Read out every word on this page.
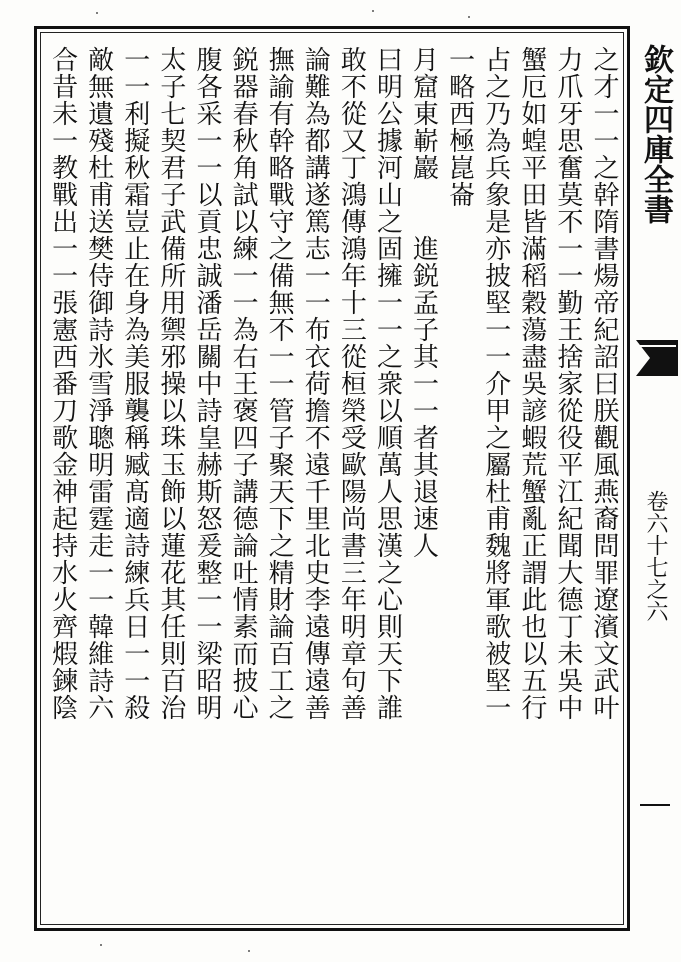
之才一一之幹隋書煬帝紀詔曰朕觀風燕裔問罪遼濱文武叶
力爪牙思奮莫不一一勤王捨家從役平江紀聞大德丁未吳中
蟹厄如蝗平田皆滿稻穀蕩盡吳諺蝦荒蟹亂正謂此也以五行
占之乃為兵象是亦披堅一一介甲之屬杜甫魏將軍歌被堅一
一略西極崑崙
月窟東嶄巖　　進鋭孟子其一一者其退速人
曰明公據河山之固擁一一之衆以順萬人思漢之心則天下誰
敢不從又丁鴻傳鴻年十三從桓榮受歐陽尚書三年明章句善
論難為都講遂篤志一一布衣荷擔不遠千里北史李遠傳遠善
撫諭有幹略戰守之備無不一一管子聚天下之精財論百工之
鋭器春秋角試以練一一為右王褒四子講德論吐情素而披心
腹各采一一以貢忠誠潘岳關中詩皇赫斯怒爰整一一梁昭明
太子七契君子武備所用禦邪操以珠玉飾以蓮花其任則百治
一一利擬秋霜豈止在身為美服襲稱臧髙適詩練兵日一一殺
敵無遺殘杜甫送樊侍御詩氷雪淨聰明雷霆走一一韓維詩六
合昔未一教戰出一一張憲西番刀歌金神起持水火齊煆鍊陰	欽定四庫全書
卷六十七之六
